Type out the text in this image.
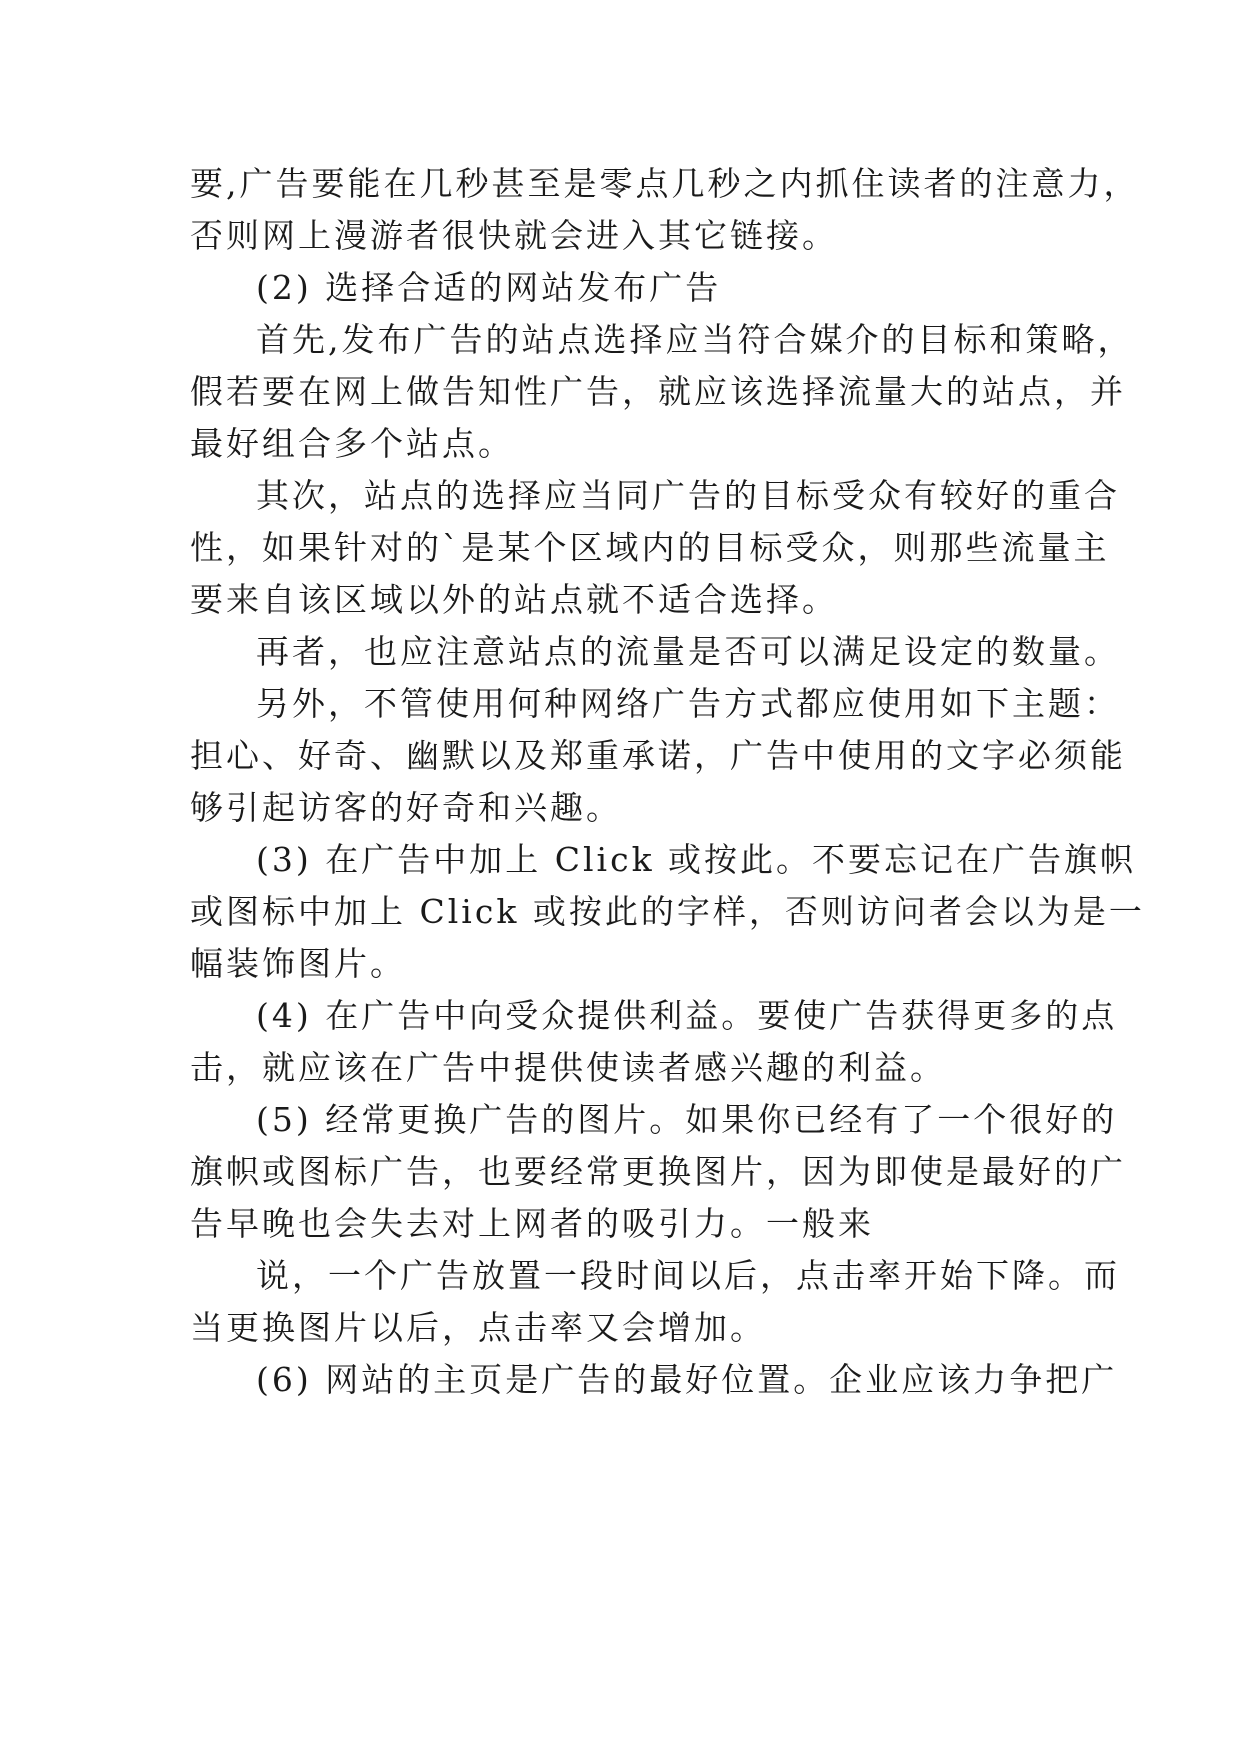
要,广告要能在几秒甚至是零点几秒之内抓住读者的注意力，
否则网上漫游者很快就会进入其它链接。
(2) 选择合适的网站发布广告
首先,发布广告的站点选择应当符合媒介的目标和策略，
假若要在网上做告知性广告，就应该选择流量大的站点，并
最好组合多个站点。
其次，站点的选择应当同广告的目标受众有较好的重合
性，如果针对的`是某个区域内的目标受众，则那些流量主
要来自该区域以外的站点就不适合选择。
再者，也应注意站点的流量是否可以满足设定的数量。
另外，不管使用何种网络广告方式都应使用如下主题：
担心、好奇、幽默以及郑重承诺，广告中使用的文字必须能
够引起访客的好奇和兴趣。
(3) 在广告中加上 Click 或按此。不要忘记在广告旗帜
或图标中加上 Click 或按此的字样，否则访问者会以为是一
幅装饰图片。
(4) 在广告中向受众提供利益。要使广告获得更多的点
击，就应该在广告中提供使读者感兴趣的利益。
(5) 经常更换广告的图片。如果你已经有了一个很好的
旗帜或图标广告，也要经常更换图片，因为即使是最好的广
告早晚也会失去对上网者的吸引力。一般来
说，一个广告放置一段时间以后，点击率开始下降。而
当更换图片以后，点击率又会增加。
(6) 网站的主页是广告的最好位置。企业应该力争把广
